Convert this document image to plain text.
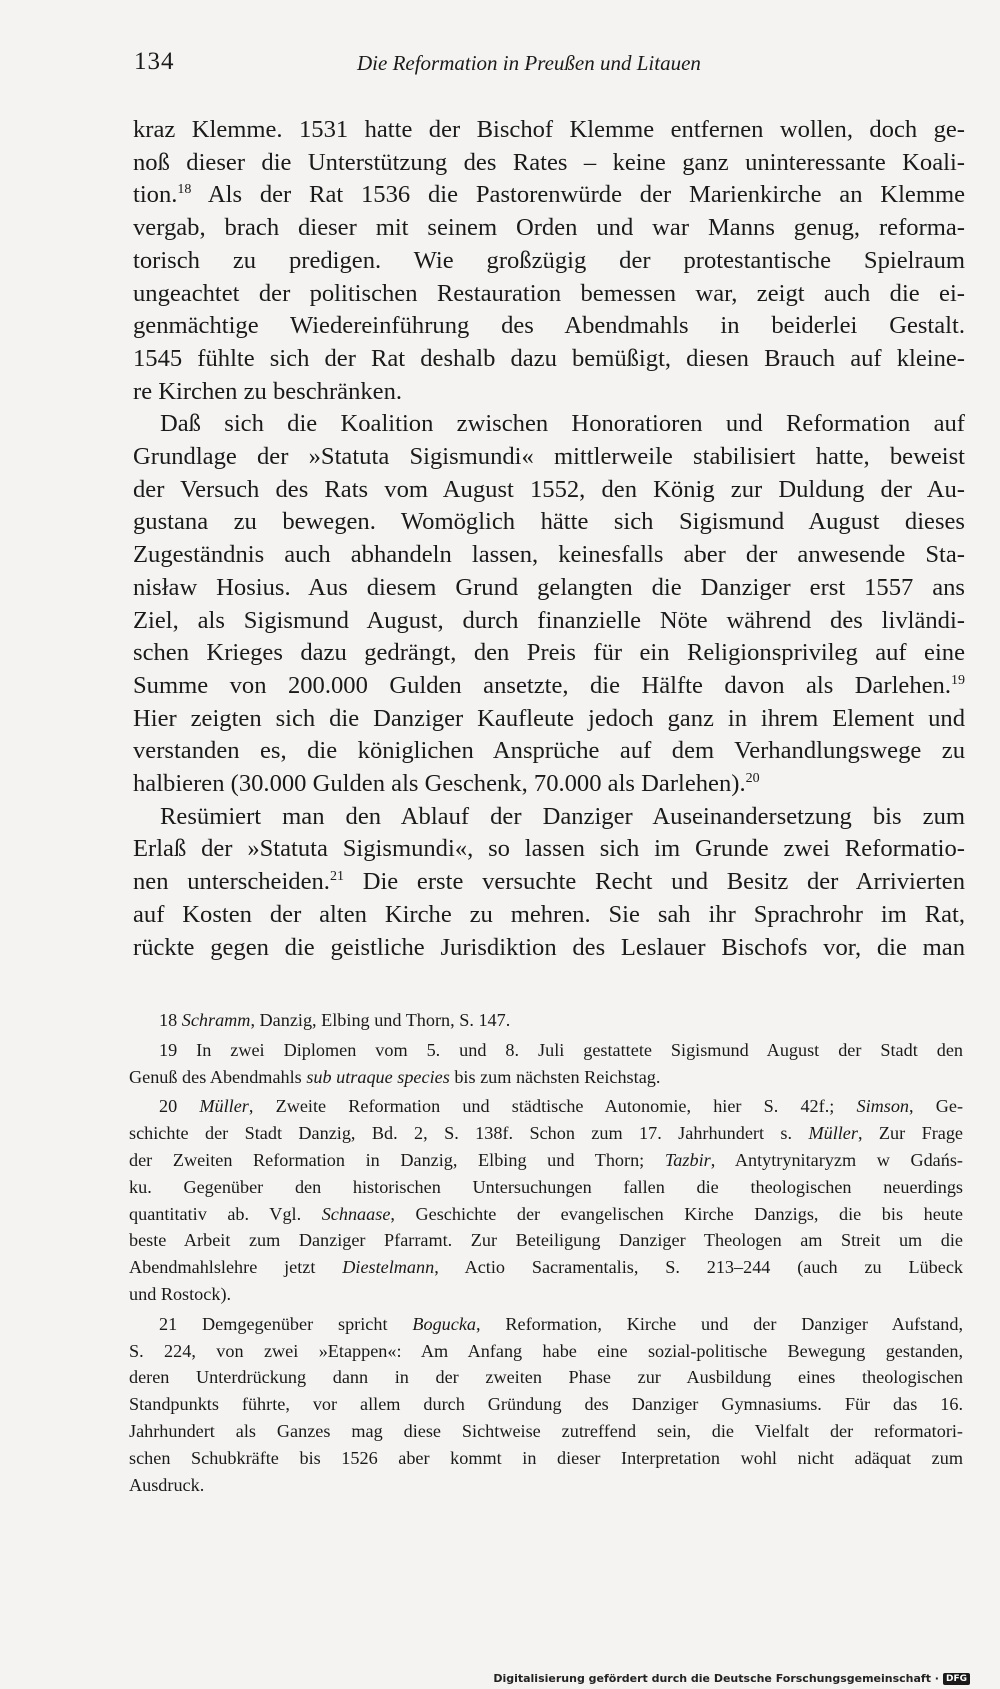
134	Die Reformation in Preußen und Litauen

kraz Klemme. 1531 hatte der Bischof Klemme entfernen wollen, doch ge-

noß dieser die Unterstützung des Rates – keine ganz uninteressante Koali-

tion.$^{18}$ Als der Rat 1536 die Pastorenwürde der Marienkirche an Klemme

vergab, brach dieser mit seinem Orden und war Manns genug, reforma-

torisch zu predigen. Wie großzügig der protestantische Spielraum

ungeachtet der politischen Restauration bemessen war, zeigt auch die ei-

genmächtige Wiedereinführung des Abendmahls in beiderlei Gestalt.

1545 fühlte sich der Rat deshalb dazu bemüßigt, diesen Brauch auf kleine-

re Kirchen zu beschränken.

Daß sich die Koalition zwischen Honoratioren und Reformation auf

Grundlage der »Statuta Sigismundi« mittlerweile stabilisiert hatte, beweist

der Versuch des Rats vom August 1552, den König zur Duldung der Au-

gustana zu bewegen. Womöglich hätte sich Sigismund August dieses

Zugeständnis auch abhandeln lassen, keinesfalls aber der anwesende Sta-

nisław Hosius. Aus diesem Grund gelangten die Danziger erst 1557 ans

Ziel, als Sigismund August, durch finanzielle Nöte während des livländi-

schen Krieges dazu gedrängt, den Preis für ein Religionsprivileg auf eine

Summe von 200.000 Gulden ansetzte, die Hälfte davon als Darlehen.$^{19}$

Hier zeigten sich die Danziger Kaufleute jedoch ganz in ihrem Element und

verstanden es, die königlichen Ansprüche auf dem Verhandlungswege zu

halbieren (30.000 Gulden als Geschenk, 70.000 als Darlehen).$^{20}$

Resümiert man den Ablauf der Danziger Auseinandersetzung bis zum

Erlaß der »Statuta Sigismundi«, so lassen sich im Grunde zwei Reformatio-

nen unterscheiden.$^{21}$ Die erste versuchte Recht und Besitz der Arrivierten

auf Kosten der alten Kirche zu mehren. Sie sah ihr Sprachrohr im Rat,

rückte gegen die geistliche Jurisdiktion des Leslauer Bischofs vor, die man

18 Schramm, Danzig, Elbing und Thorn, S. 147.

19 In zwei Diplomen vom 5. und 8. Juli gestattete Sigismund August der Stadt den

Genuß des Abendmahls sub utraque species bis zum nächsten Reichstag.

20 Müller, Zweite Reformation und städtische Autonomie, hier S. 42f.; Simson, Ge-

schichte der Stadt Danzig, Bd. 2, S. 138f. Schon zum 17. Jahrhundert s. Müller, Zur Frage

der Zweiten Reformation in Danzig, Elbing und Thorn; Tazbir, Antytrynitaryzm w Gdańs-

ku. Gegenüber den historischen Untersuchungen fallen die theologischen neuerdings

quantitativ ab. Vgl. Schnaase, Geschichte der evangelischen Kirche Danzigs, die bis heute

beste Arbeit zum Danziger Pfarramt. Zur Beteiligung Danziger Theologen am Streit um die

Abendmahlslehre jetzt Diestelmann, Actio Sacramentalis, S. 213–244 (auch zu Lübeck

und Rostock).

21 Demgegenüber spricht Bogucka, Reformation, Kirche und der Danziger Aufstand,

S. 224, von zwei »Etappen«: Am Anfang habe eine sozial-politische Bewegung gestanden,

deren Unterdrückung dann in der zweiten Phase zur Ausbildung eines theologischen

Standpunkts führte, vor allem durch Gründung des Danziger Gymnasiums. Für das 16.

Jahrhundert als Ganzes mag diese Sichtweise zutreffend sein, die Vielfalt der reformatori-

schen Schubkräfte bis 1526 aber kommt in dieser Interpretation wohl nicht adäquat zum

Ausdruck.

Digitalisierung gefördert durch die Deutsche Forschungsgemeinschaft · DFG
